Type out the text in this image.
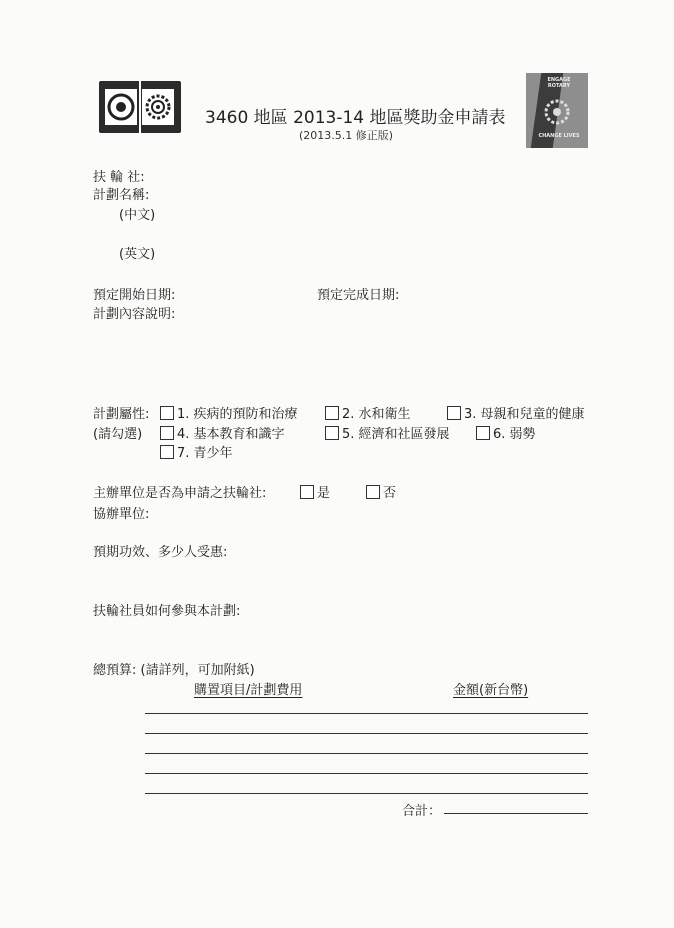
ENGAGE ROTARY
CHANGE LIVES
3460 地區 2013-14 地區獎助金申請表
(2013.5.1 修正版)
扶 輪 社:
計劃名稱:
(中文)
(英文)
預定開始日期:	預定完成日期:
計劃內容說明:
計劃屬性:
(請勾選)
1. 疾病的預防和治療	2. 水和衛生	3. 母親和兒童的健康
4. 基本教育和識字	5. 經濟和社區發展	6. 弱勢
7. 青少年
主辦單位是否為申請之扶輪社:	是	否
協辦單位:
預期功效、多少人受惠:
扶輪社員如何參與本計劃:
總預算: (請詳列，可加附紙)
購置項目/計劃費用	金額(新台幣)
合計：
